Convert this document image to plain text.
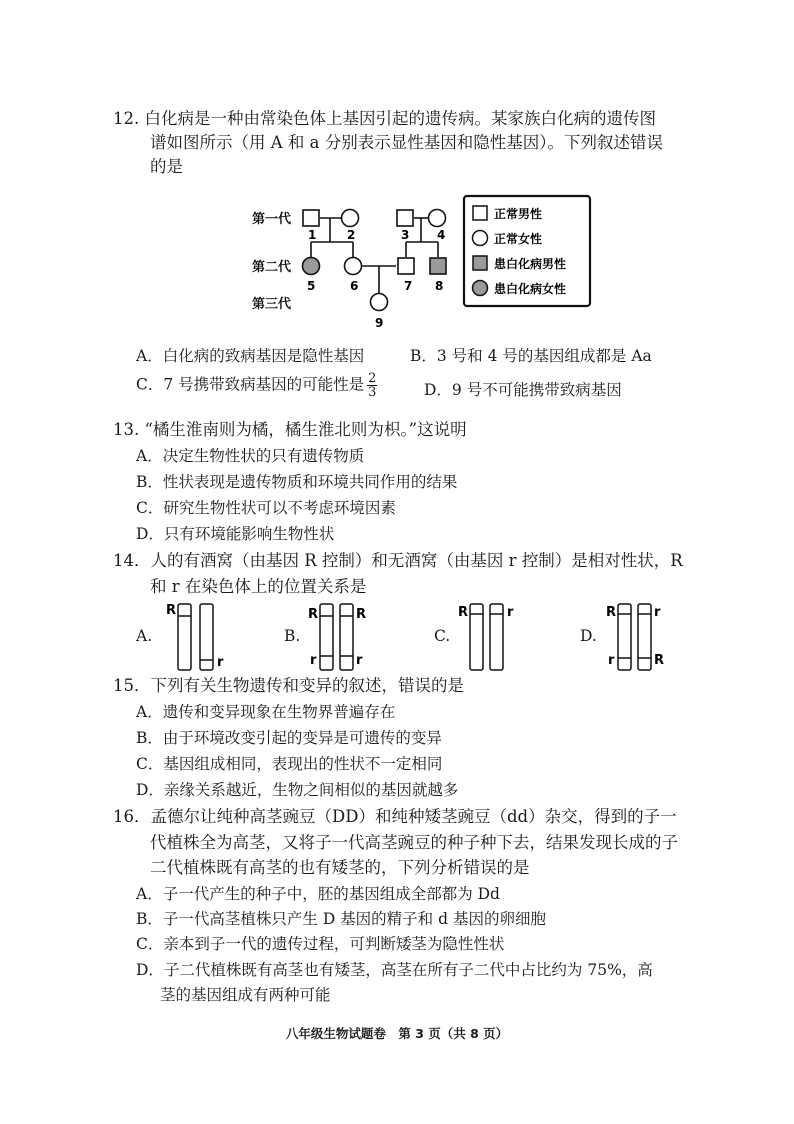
12. 白化病是一种由常染色体上基因引起的遗传病。某家族白化病的遗传图
谱如图所示（用 A 和 a 分别表示显性基因和隐性基因）。下列叙述错误
的是
第一代
第二代
第三代
1	2	3 4
5	6	7 8
9
正常男性
正常女性
患白化病男性
患白化病女性
A．白化病的致病基因是隐性基因	B．3 号和 4 号的基因组成都是 Aa
C．7 号携带致病基因的可能性是 $\frac{2}{3}$	D．9 号不可能携带致病基因
13. “橘生淮南则为橘，橘生淮北则为枳。”这说明
A．决定生物性状的只有遗传物质
B．性状表现是遗传物质和环境共同作用的结果
C．研究生物性状可以不考虑环境因素
D．只有环境能影响生物性状
14．人的有酒窝（由基因 R 控制）和无酒窝（由基因 r 控制）是相对性状，R
和 r 在染色体上的位置关系是
A.	B.	C.	D.
R
r
R	R
r	r
R	r	R	r
r	R
15．下列有关生物遗传和变异的叙述，错误的是
A．遗传和变异现象在生物界普遍存在
B．由于环境改变引起的变异是可遗传的变异
C．基因组成相同，表现出的性状不一定相同
D．亲缘关系越近，生物之间相似的基因就越多
16．孟德尔让纯种高茎豌豆（DD）和纯种矮茎豌豆（dd）杂交，得到的子一
代植株全为高茎，又将子一代高茎豌豆的种子种下去，结果发现长成的子
二代植株既有高茎的也有矮茎的，下列分析错误的是
A．子一代产生的种子中，胚的基因组成全部都为 Dd
B．子一代高茎植株只产生 D 基因的精子和 d 基因的卵细胞
C．亲本到子一代的遗传过程，可判断矮茎为隐性性状
D．子二代植株既有高茎也有矮茎，高茎在所有子二代中占比约为 75%，高
茎的基因组成有两种可能
八年级生物试题卷　第 3 页（共 8 页）
